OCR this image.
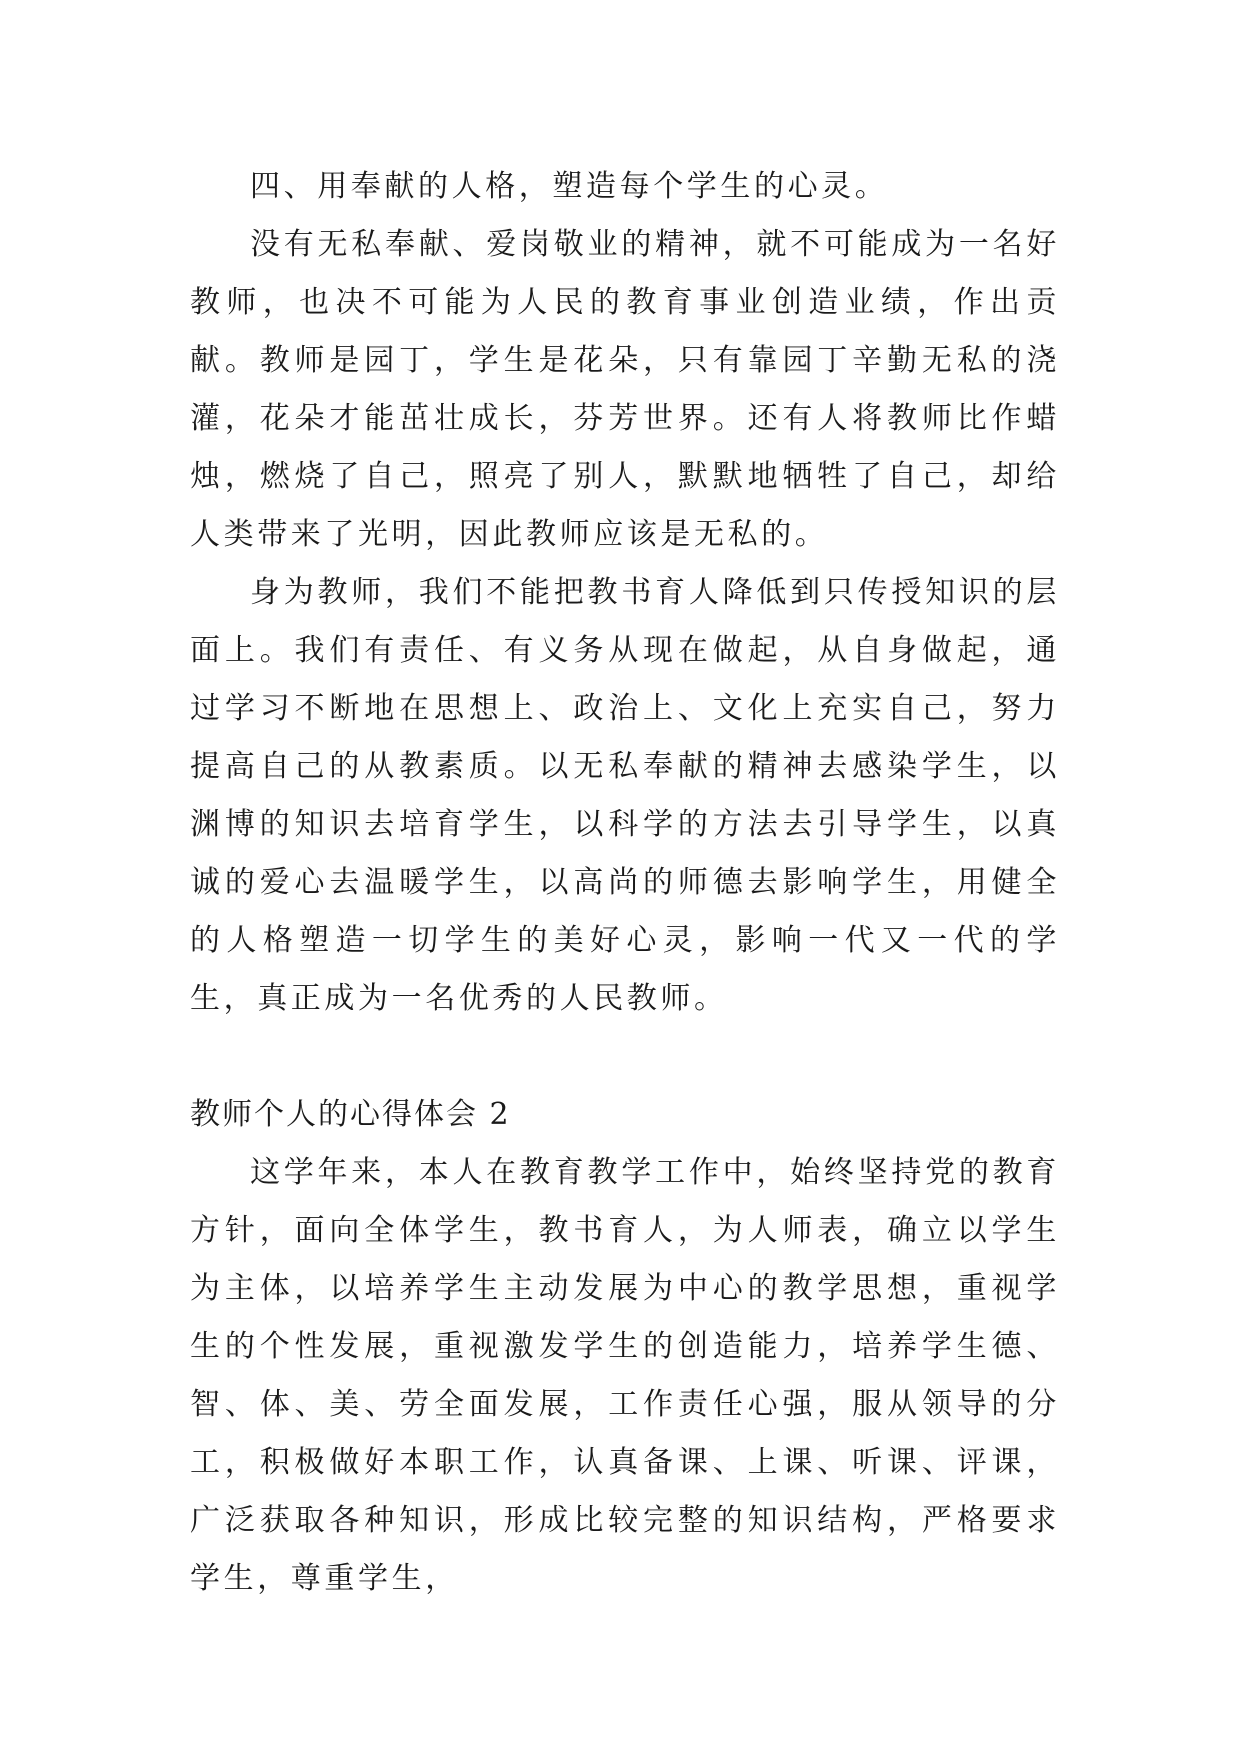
四、用奉献的人格，塑造每个学生的心灵。

没有无私奉献、爱岗敬业的精神，就不可能成为一名好教师，也决不可能为人民的教育事业创造业绩，作出贡献。教师是园丁，学生是花朵，只有靠园丁辛勤无私的浇灌，花朵才能茁壮成长，芬芳世界。还有人将教师比作蜡烛，燃烧了自己，照亮了别人，默默地牺牲了自己，却给人类带来了光明，因此教师应该是无私的。

身为教师，我们不能把教书育人降低到只传授知识的层面上。我们有责任、有义务从现在做起，从自身做起，通过学习不断地在思想上、政治上、文化上充实自己，努力提高自己的从教素质。以无私奉献的精神去感染学生，以渊博的知识去培育学生，以科学的方法去引导学生，以真诚的爱心去温暖学生，以高尚的师德去影响学生，用健全的人格塑造一切学生的美好心灵，影响一代又一代的学生，真正成为一名优秀的人民教师。

教师个人的心得体会 2

这学年来，本人在教育教学工作中，始终坚持党的教育方针，面向全体学生，教书育人，为人师表，确立以学生为主体，以培养学生主动发展为中心的教学思想，重视学生的个性发展，重视激发学生的创造能力，培养学生德、智、体、美、劳全面发展，工作责任心强，服从领导的分工，积极做好本职工作，认真备课、上课、听课、评课，广泛获取各种知识，形成比较完整的知识结构，严格要求学生，尊重学生，
